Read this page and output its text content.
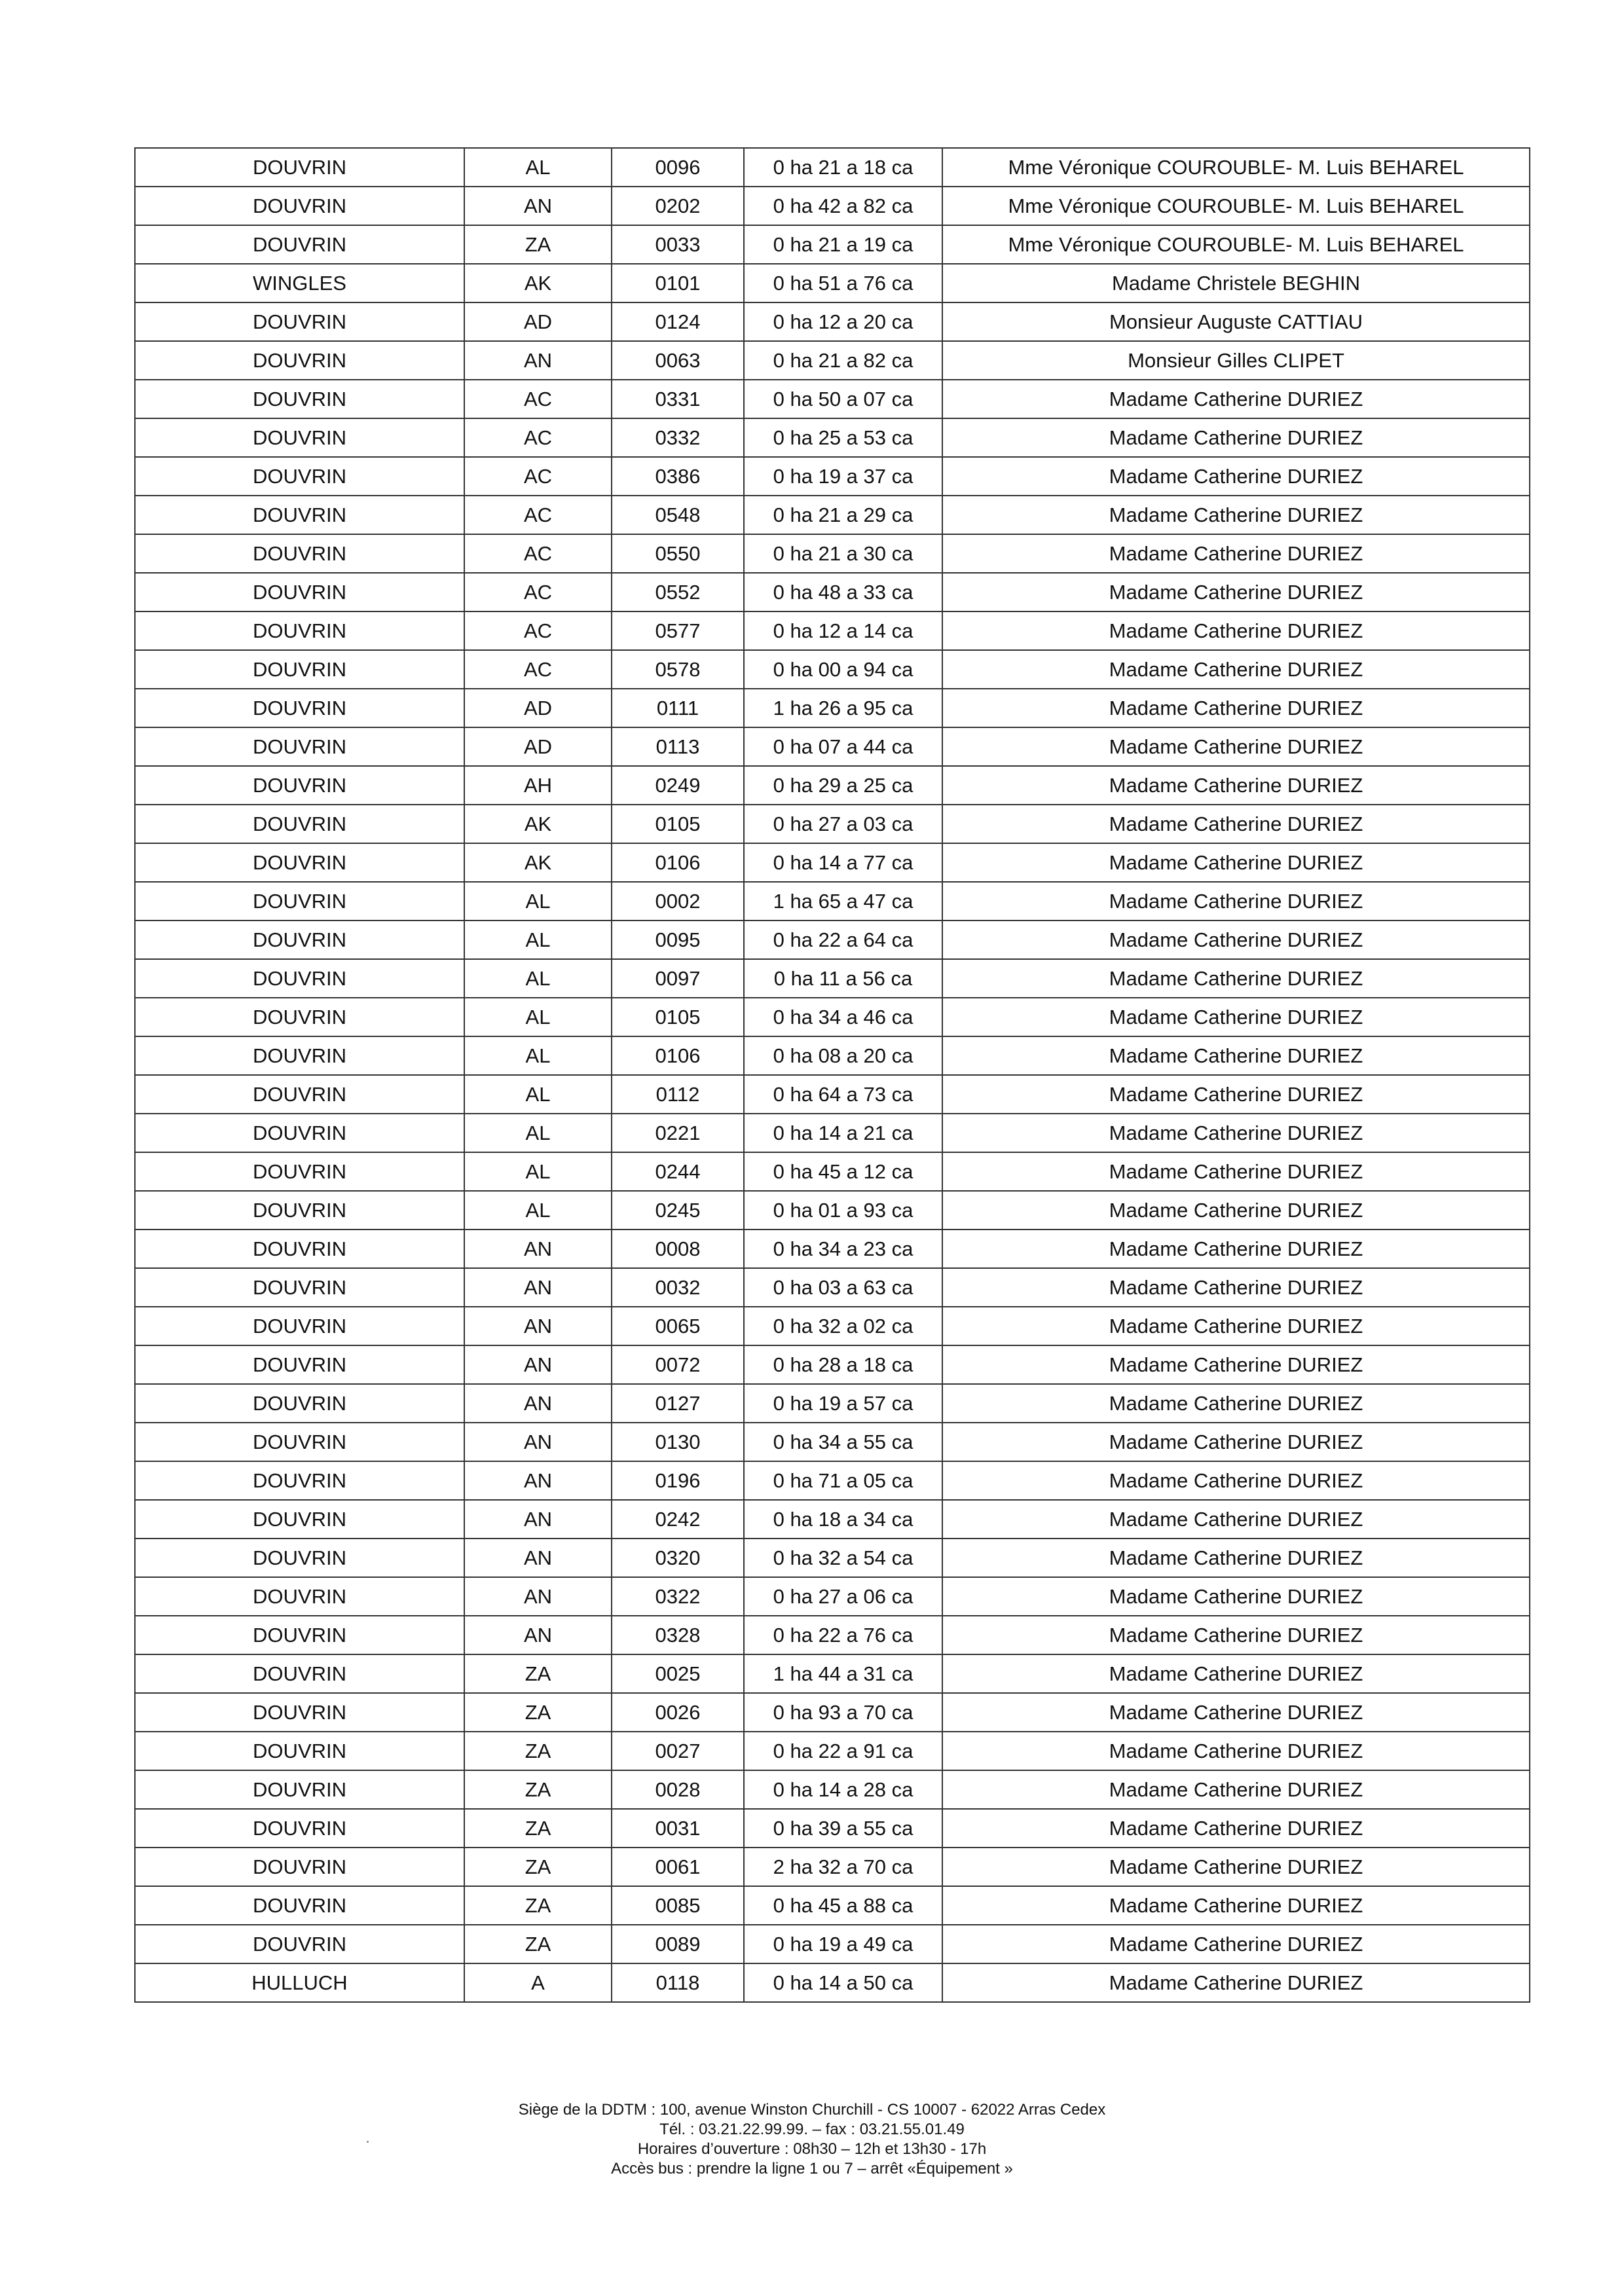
DOUVRIN	AL	0096	0 ha 21 a 18 ca	Mme Véronique COUROUBLE- M. Luis BEHAREL
DOUVRIN	AN	0202	0 ha 42 a 82 ca	Mme Véronique COUROUBLE- M. Luis BEHAREL
DOUVRIN	ZA	0033	0 ha 21 a 19 ca	Mme Véronique COUROUBLE- M. Luis BEHAREL
WINGLES	AK	0101	0 ha 51 a 76 ca	Madame Christele BEGHIN
DOUVRIN	AD	0124	0 ha 12 a 20 ca	Monsieur Auguste CATTIAU
DOUVRIN	AN	0063	0 ha 21 a 82 ca	Monsieur Gilles CLIPET
DOUVRIN	AC	0331	0 ha 50 a 07 ca	Madame Catherine DURIEZ
DOUVRIN	AC	0332	0 ha 25 a 53 ca	Madame Catherine DURIEZ
DOUVRIN	AC	0386	0 ha 19 a 37 ca	Madame Catherine DURIEZ
DOUVRIN	AC	0548	0 ha 21 a 29 ca	Madame Catherine DURIEZ
DOUVRIN	AC	0550	0 ha 21 a 30 ca	Madame Catherine DURIEZ
DOUVRIN	AC	0552	0 ha 48 a 33 ca	Madame Catherine DURIEZ
DOUVRIN	AC	0577	0 ha 12 a 14 ca	Madame Catherine DURIEZ
DOUVRIN	AC	0578	0 ha 00 a 94 ca	Madame Catherine DURIEZ
DOUVRIN	AD	0111	1 ha 26 a 95 ca	Madame Catherine DURIEZ
DOUVRIN	AD	0113	0 ha 07 a 44 ca	Madame Catherine DURIEZ
DOUVRIN	AH	0249	0 ha 29 a 25 ca	Madame Catherine DURIEZ
DOUVRIN	AK	0105	0 ha 27 a 03 ca	Madame Catherine DURIEZ
DOUVRIN	AK	0106	0 ha 14 a 77 ca	Madame Catherine DURIEZ
DOUVRIN	AL	0002	1 ha 65 a 47 ca	Madame Catherine DURIEZ
DOUVRIN	AL	0095	0 ha 22 a 64 ca	Madame Catherine DURIEZ
DOUVRIN	AL	0097	0 ha 11 a 56 ca	Madame Catherine DURIEZ
DOUVRIN	AL	0105	0 ha 34 a 46 ca	Madame Catherine DURIEZ
DOUVRIN	AL	0106	0 ha 08 a 20 ca	Madame Catherine DURIEZ
DOUVRIN	AL	0112	0 ha 64 a 73 ca	Madame Catherine DURIEZ
DOUVRIN	AL	0221	0 ha 14 a 21 ca	Madame Catherine DURIEZ
DOUVRIN	AL	0244	0 ha 45 a 12 ca	Madame Catherine DURIEZ
DOUVRIN	AL	0245	0 ha 01 a 93 ca	Madame Catherine DURIEZ
DOUVRIN	AN	0008	0 ha 34 a 23 ca	Madame Catherine DURIEZ
DOUVRIN	AN	0032	0 ha 03 a 63 ca	Madame Catherine DURIEZ
DOUVRIN	AN	0065	0 ha 32 a 02 ca	Madame Catherine DURIEZ
DOUVRIN	AN	0072	0 ha 28 a 18 ca	Madame Catherine DURIEZ
DOUVRIN	AN	0127	0 ha 19 a 57 ca	Madame Catherine DURIEZ
DOUVRIN	AN	0130	0 ha 34 a 55 ca	Madame Catherine DURIEZ
DOUVRIN	AN	0196	0 ha 71 a 05 ca	Madame Catherine DURIEZ
DOUVRIN	AN	0242	0 ha 18 a 34 ca	Madame Catherine DURIEZ
DOUVRIN	AN	0320	0 ha 32 a 54 ca	Madame Catherine DURIEZ
DOUVRIN	AN	0322	0 ha 27 a 06 ca	Madame Catherine DURIEZ
DOUVRIN	AN	0328	0 ha 22 a 76 ca	Madame Catherine DURIEZ
DOUVRIN	ZA	0025	1 ha 44 a 31 ca	Madame Catherine DURIEZ
DOUVRIN	ZA	0026	0 ha 93 a 70 ca	Madame Catherine DURIEZ
DOUVRIN	ZA	0027	0 ha 22 a 91 ca	Madame Catherine DURIEZ
DOUVRIN	ZA	0028	0 ha 14 a 28 ca	Madame Catherine DURIEZ
DOUVRIN	ZA	0031	0 ha 39 a 55 ca	Madame Catherine DURIEZ
DOUVRIN	ZA	0061	2 ha 32 a 70 ca	Madame Catherine DURIEZ
DOUVRIN	ZA	0085	0 ha 45 a 88 ca	Madame Catherine DURIEZ
DOUVRIN	ZA	0089	0 ha 19 a 49 ca	Madame Catherine DURIEZ
HULLUCH	A	0118	0 ha 14 a 50 ca	Madame Catherine DURIEZ
Siège de la DDTM : 100, avenue Winston Churchill - CS 10007 - 62022 Arras Cedex
Tél. : 03.21.22.99.99. – fax : 03.21.55.01.49
Horaires d’ouverture : 08h30 – 12h et 13h30 - 17h
Accès bus : prendre la ligne 1 ou 7 – arrêt «Équipement »
